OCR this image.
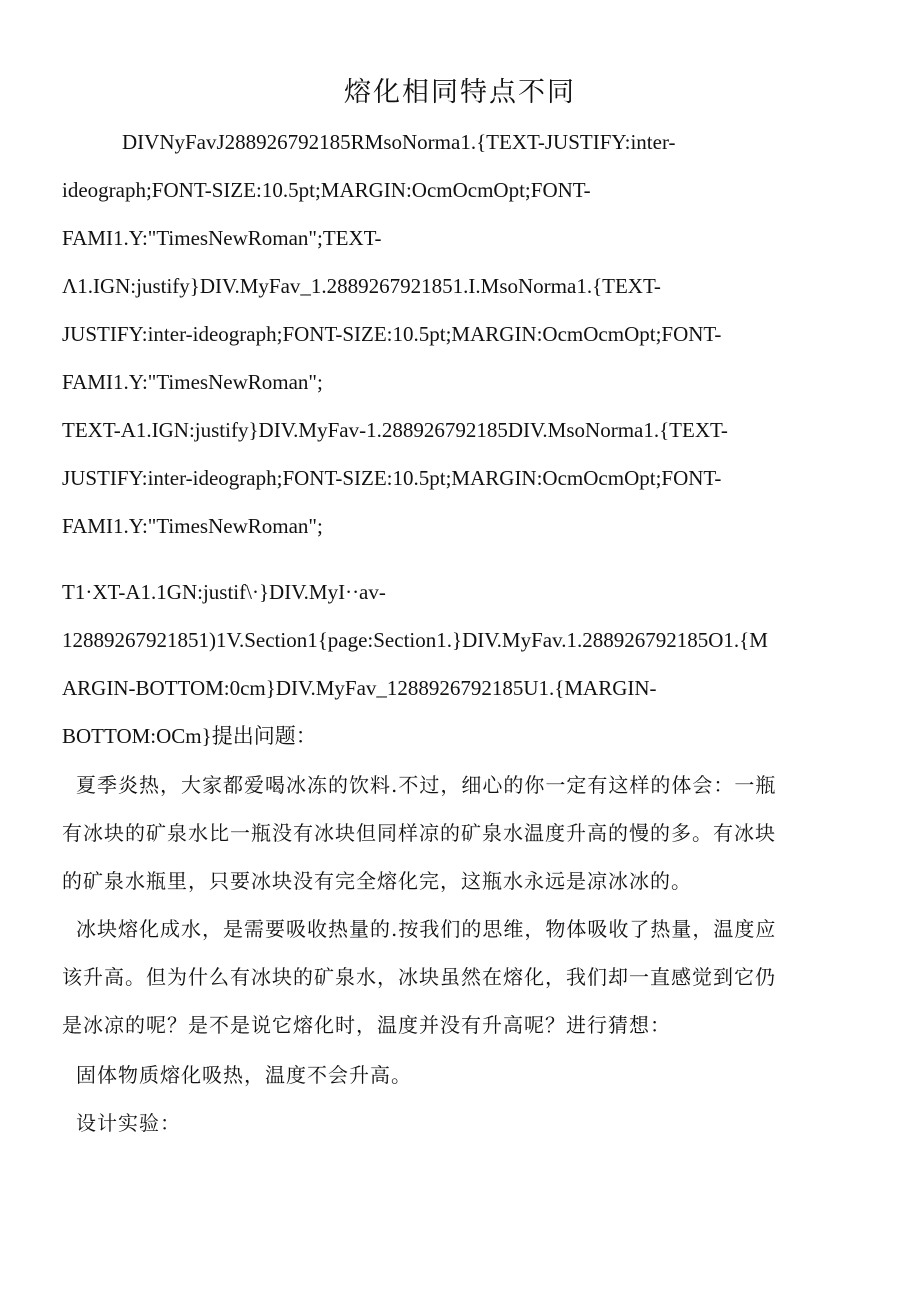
熔化相同特点不同
DIVNyFavJ288926792185RMsoNorma1.{TEXT-JUSTIFY:inter-
ideograph;FONT-SIZE:10.5pt;MARGIN:OcmOcmOpt;FONT-
FAMI1.Y:"TimesNewRoman";TEXT-
Λ1.IGN:justify}DIV.MyFav_1.2889267921851.I.MsoNorma1.{TEXT-
JUSTIFY:inter-ideograph;FONT-SIZE:10.5pt;MARGIN:OcmOcmOpt;FONT-
FAMI1.Y:"TimesNewRoman";
TEXT-A1.IGN:justify}DIV.MyFav-1.288926792185DIV.MsoNorma1.{TEXT-
JUSTIFY:inter-ideograph;FONT-SIZE:10.5pt;MARGIN:OcmOcmOpt;FONT-
FAMI1.Y:"TimesNewRoman";
T1·XT-A1.1GN:justif\·}DIV.MyI··av-
12889267921851)1V.Section1{page:Section1.}DIV.MyFav.1.288926792185O1.{M
ARGIN-BOTTOM:0cm}DIV.MyFav_1288926792185U1.{MARGIN-
BOTTOM:OCm}提出问题：
夏季炎热，大家都爱喝冰冻的饮料.不过，细心的你一定有这样的体会：一瓶
有冰块的矿泉水比一瓶没有冰块但同样凉的矿泉水温度升高的慢的多。有冰块
的矿泉水瓶里，只要冰块没有完全熔化完，这瓶水永远是凉冰冰的。
冰块熔化成水，是需要吸收热量的.按我们的思维，物体吸收了热量，温度应
该升高。但为什么有冰块的矿泉水，冰块虽然在熔化，我们却一直感觉到它仍
是冰凉的呢？是不是说它熔化时，温度并没有升高呢？进行猜想：
固体物质熔化吸热，温度不会升高。
设计实验：
